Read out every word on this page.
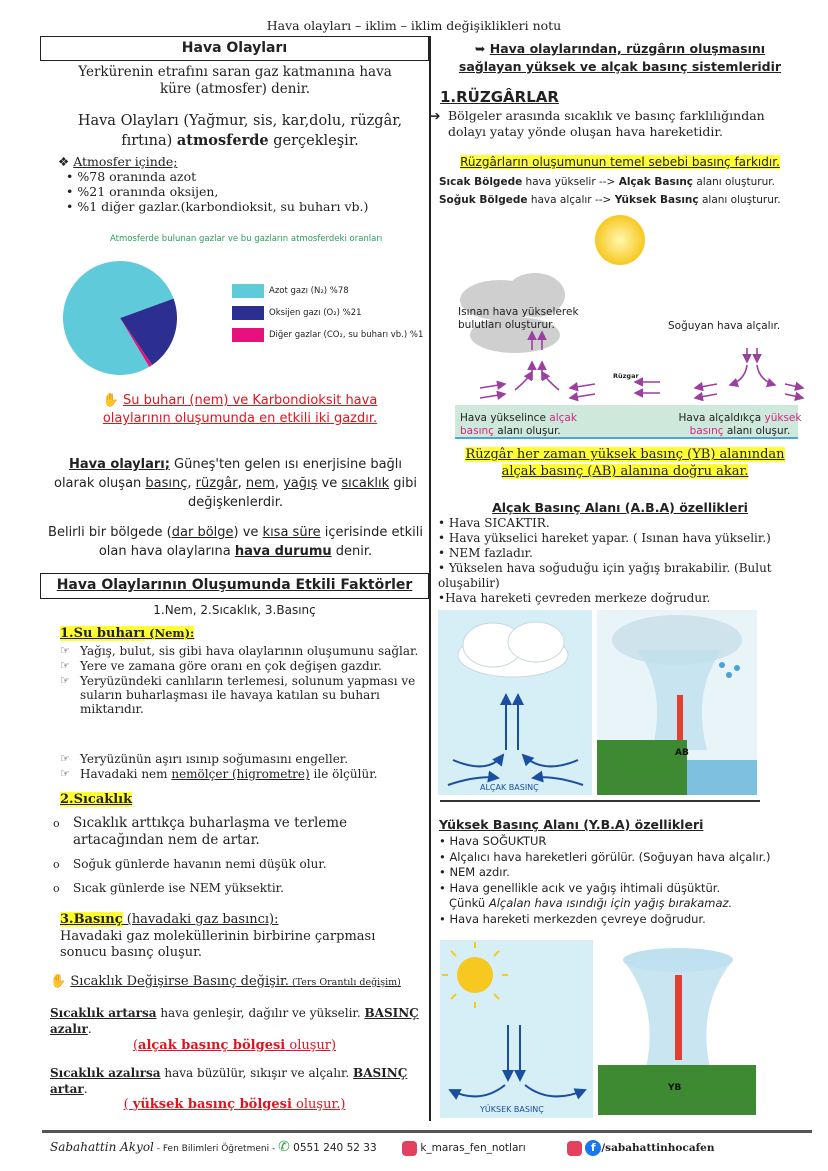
Hava olayları – iklim – iklim değişiklikleri notu
Hava Olayları
Yerkürenin etrafını saran gaz katmanına hava küre (atmosfer) denir.
Hava Olayları (Yağmur, sis, kar,dolu, rüzgâr, fırtına) atmosferde gerçekleşir.
❖ Atmosfer içinde;
• %78 oranında azot
• %21 oranında oksijen,
• %1 diğer gazlar.(karbondioksit, su buharı vb.)
Atmosferde bulunan gazlar ve bu gazların atmosferdeki oranları
Azot gazı (N₂) %78
Oksijen gazı (O₂) %21
Diğer gazlar (CO₂, su buharı vb.) %1
✋ Su buharı (nem) ve Karbondioksit hava olaylarının oluşumunda en etkili iki gazdır.
Hava olayları; Güneş'ten gelen ısı enerjisine bağlı olarak oluşan basınç, rüzgâr, nem, yağış ve sıcaklık gibi değişkenlerdir.
Belirli bir bölgede (dar bölge) ve kısa süre içerisinde etkili olan hava olaylarına hava durumu denir.
Hava Olaylarının Oluşumunda Etkili Faktörler
1.Nem, 2.Sıcaklık, 3.Basınç
1.Su buharı (Nem):
☞ Yağış, bulut, sis gibi hava olaylarının oluşumunu sağlar.
☞ Yere ve zamana göre oranı en çok değişen gazdır.
☞ Yeryüzündeki canlıların terlemesi, solunum yapması ve suların buharlaşması ile havaya katılan su buharı miktarıdır.
☞ Yeryüzünün aşırı ısınıp soğumasını engeller.
☞ Havadaki nem nemölçer (higrometre) ile ölçülür.
2.Sıcaklık
o Sıcaklık arttıkça buharlaşma ve terleme artacağından nem de artar.
o Soğuk günlerde havanın nemi düşük olur.
o Sıcak günlerde ise NEM yüksektir.
3.Basınç (havadaki gaz basıncı):
Havadaki gaz moleküllerinin birbirine çarpması sonucu basınç oluşur.
✋ Sıcaklık Değişirse Basınç değişir. (Ters Orantılı değişim)
Sıcaklık artarsa hava genleşir, dağılır ve yükselir. BASINÇ azalır.
(alçak basınç bölgesi oluşur)
Sıcaklık azalırsa hava büzülür, sıkışır ve alçalır. BASINÇ artar.
( yüksek basınç bölgesi oluşur.)
➥ Hava olaylarından, rüzgârın oluşmasını sağlayan yüksek ve alçak basınç sistemleridir
1.RÜZGÂRLAR
➔ Bölgeler arasında sıcaklık ve basınç farklılığından dolayı yatay yönde oluşan hava hareketidir.
Rüzgârların oluşumunun temel sebebi basınç farkıdır.
Sıcak Bölgede hava yükselir --> Alçak Basınç alanı oluşturur.
Soğuk Bölgede hava alçalır --> Yüksek Basınç alanı oluşturur.
Isınan hava yükselerek bulutları oluşturur.	Soğuyan hava alçalır.
Rüzgar
Hava yükselince alçak basınç alanı oluşur.
Hava alçaldıkça yüksek basınç alanı oluşur.
Rüzgâr her zaman yüksek basınç (YB) alanından alçak basınç (AB) alanına doğru akar.
Alçak Basınç Alanı (A.B.A) özellikleri
• Hava SICAKTIR.
• Hava yükselici hareket yapar. ( Isınan hava yükselir.)
• NEM fazladır.
• Yükselen hava soğuduğu için yağış bırakabilir. (Bulut oluşabilir)
•Hava hareketi çevreden merkeze doğrudur.
ALÇAK BASINÇ
AB
Yüksek Basınç Alanı (Y.B.A) özellikleri
• Hava SOĞUKTUR
• Alçalıcı hava hareketleri görülür. (Soğuyan hava alçalır.)
• NEM azdır.
• Hava genellikle acık ve yağış ihtimali düşüktür.
Çünkü Alçalan hava ısındığı için yağış bırakamaz.
• Hava hareketi merkezden çevreye doğrudur.
YÜKSEK BASINÇ
YB
Sabahattin Akyol - Fen Bilimleri Öğretmeni - ✆ 0551 240 52 33	k_maras_fen_notları	f /sabahattinhocafen
